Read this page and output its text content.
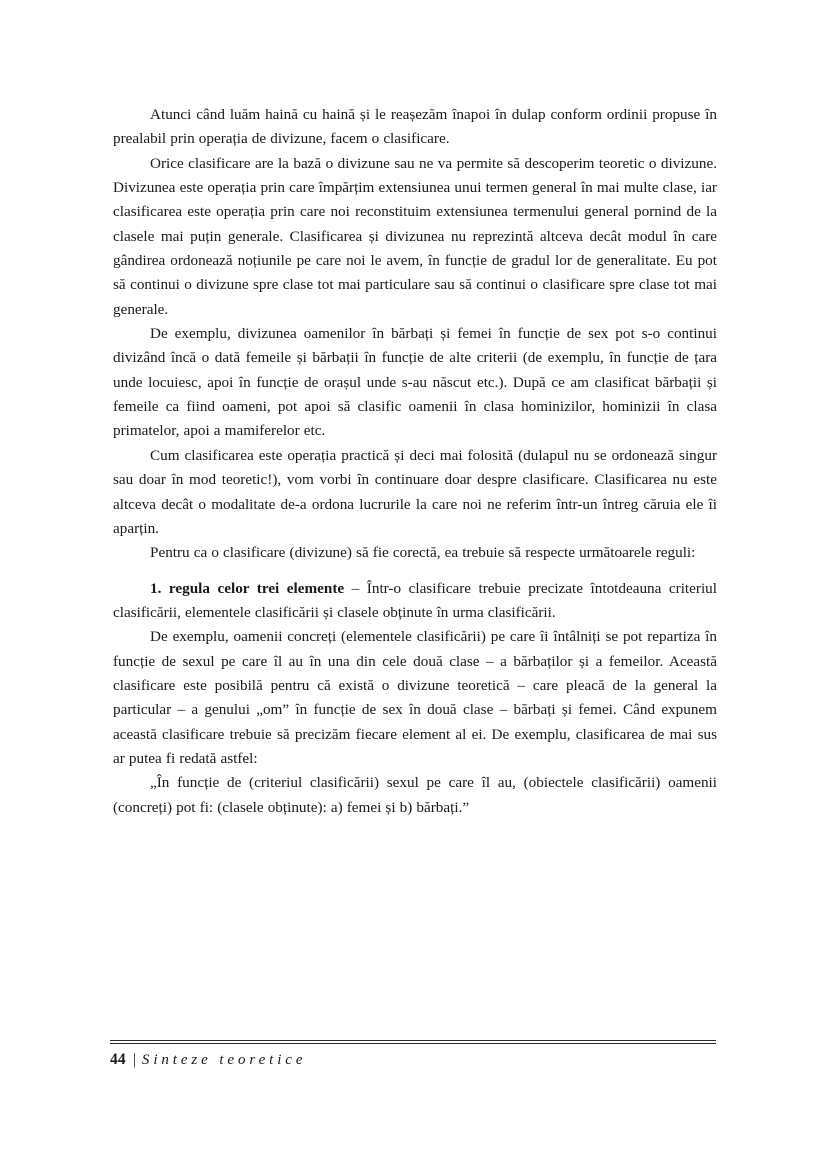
Atunci când luăm haină cu haină și le reașezăm înapoi în dulap conform ordinii propuse în prealabil prin operația de divizune, facem o clasificare.

Orice clasificare are la bază o divizune sau ne va permite să descoperim teoretic o divizune. Divizunea este operația prin care împărțim extensiunea unui termen general în mai multe clase, iar clasificarea este operația prin care noi reconstituim extensiunea termenului general pornind de la clasele mai puțin generale. Clasificarea și divizunea nu reprezintă altceva decât modul în care gândirea ordonează noțiunile pe care noi le avem, în funcție de gradul lor de generalitate. Eu pot să continui o divizune spre clase tot mai particulare sau să continui o clasificare spre clase tot mai generale.

De exemplu, divizunea oamenilor în bărbați și femei în funcție de sex pot s-o continui divizând încă o dată femeile și bărbații în funcție de alte criterii (de exemplu, în funcție de țara unde locuiesc, apoi în funcție de orașul unde s-au născut etc.). După ce am clasificat bărbații și femeile ca fiind oameni, pot apoi să clasific oamenii în clasa hominizilor, hominizii în clasa primatelor, apoi a mamiferelor etc.

Cum clasificarea este operația practică și deci mai folosită (dulapul nu se ordonează singur sau doar în mod teoretic!), vom vorbi în continuare doar despre clasificare. Clasificarea nu este altceva decât o modalitate de-a ordona lucrurile la care noi ne referim într-un întreg căruia ele îi aparțin.

Pentru ca o clasificare (divizune) să fie corectă, ea trebuie să respecte următoarele reguli:

1. regula celor trei elemente – Într-o clasificare trebuie precizate întotdeauna criteriul clasificării, elementele clasificării și clasele obținute în urma clasificării.

De exemplu, oamenii concreți (elementele clasificării) pe care îi întâlniți se pot repartiza în funcție de sexul pe care îl au în una din cele două clase – a bărbaților și a femeilor. Această clasificare este posibilă pentru că există o divizune teoretică – care pleacă de la general la particular – a genului „om” în funcție de sex în două clase – bărbați și femei. Când expunem această clasificare trebuie să precizăm fiecare element al ei. De exemplu, clasificarea de mai sus ar putea fi redată astfel:

„În funcție de (criteriul clasificării) sexul pe care îl au, (obiectele clasificării) oamenii (concreți) pot fi: (clasele obținute): a) femei și b) bărbați.”

44 | Sinteze teoretice
